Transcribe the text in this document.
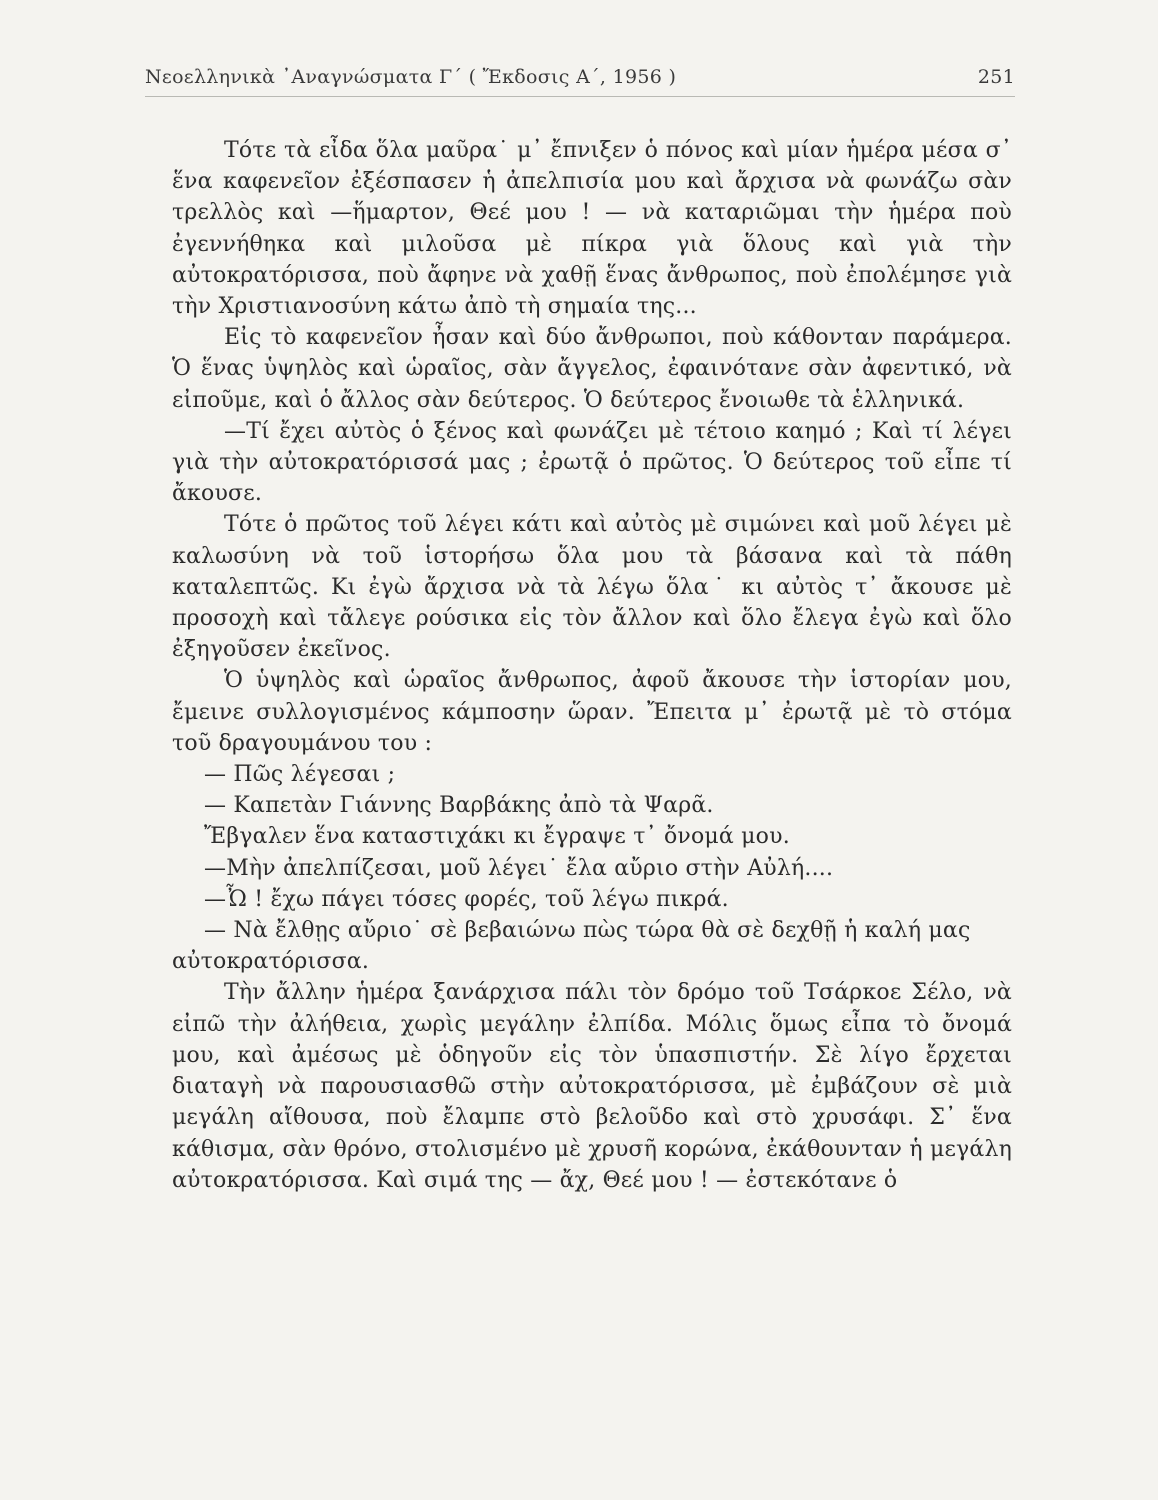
Νεοελληνικὰ ᾿Αναγνώσματα Γ΄ ( Ἔκδοσις Α΄, 1956 )	251

Τότε τὰ εἶδα ὅλα μαῦρα˙ μ᾿ ἔπνιξεν ὁ πόνος καὶ μίαν ἡμέρα μέσα σ᾿ ἕνα καφενεῖον ἐξέσπασεν ἡ ἀπελπισία μου καὶ ἄρχισα νὰ φωνάζω σὰν τρελλὸς καὶ —ἥμαρτον, Θεέ μου ! — νὰ καταριῶμαι τὴν ἡμέρα ποὺ ἐγεννήθηκα καὶ μιλοῦσα μὲ πίκρα γιὰ ὅλους καὶ γιὰ τὴν αὐτοκρατόρισσα, ποὺ ἄφηνε νὰ χαθῇ ἕνας ἄνθρωπος, ποὺ ἐπολέμησε γιὰ τὴν Χριστιανοσύνη κάτω ἀπὸ τὴ σημαία της...

Εἰς τὸ καφενεῖον ἦσαν καὶ δύο ἄνθρωποι, ποὺ κάθονταν παράμερα. Ὁ ἕνας ὑψηλὸς καὶ ὡραῖος, σὰν ἄγγελος, ἐφαινότανε σὰν ἀφεντικό, νὰ εἰποῦμε, καὶ ὁ ἄλλος σὰν δεύτερος. Ὁ δεύτερος ἔνοιωθε τὰ ἑλληνικά.

—Τί ἔχει αὐτὸς ὁ ξένος καὶ φωνάζει μὲ τέτοιο καημό ; Καὶ τί λέγει γιὰ τὴν αὐτοκρατόρισσά μας ; ἐρωτᾷ ὁ πρῶτος. Ὁ δεύτερος τοῦ εἶπε τί ἄκουσε.

Τότε ὁ πρῶτος τοῦ λέγει κάτι καὶ αὐτὸς μὲ σιμώνει καὶ μοῦ λέγει μὲ καλωσύνη νὰ τοῦ ἱστορήσω ὅλα μου τὰ βάσανα καὶ τὰ πάθη καταλεπτῶς. Κι ἐγὼ ἄρχισα νὰ τὰ λέγω ὅλα˙ κι αὐτὸς τ᾿ ἄκουσε μὲ προσοχὴ καὶ τἄλεγε ρούσικα εἰς τὸν ἄλλον καὶ ὅλο ἔλεγα ἐγὼ καὶ ὅλο ἐξηγοῦσεν ἐκεῖνος.

Ὁ ὑψηλὸς καὶ ὡραῖος ἄνθρωπος, ἀφοῦ ἄκουσε τὴν ἱστορίαν μου, ἔμεινε συλλογισμένος κάμποσην ὥραν. Ἔπειτα μ᾿ ἐρωτᾷ μὲ τὸ στόμα τοῦ δραγουμάνου του :

— Πῶς λέγεσαι ;

— Καπετὰν Γιάννης Βαρβάκης ἀπὸ τὰ Ψαρᾶ.

Ἔβγαλεν ἕνα καταστιχάκι κι ἔγραψε τ᾿ ὄνομά μου.

—Μὴν ἀπελπίζεσαι, μοῦ λέγει˙ ἔλα αὔριο στὴν Αὐλή....

—Ὦ ! ἔχω πάγει τόσες φορές, τοῦ λέγω πικρά.

— Νὰ ἔλθῃς αὔριο˙ σὲ βεβαιώνω πὼς τώρα θὰ σὲ δεχθῇ ἡ καλή μας αὐτοκρατόρισσα.

Τὴν ἄλλην ἡμέρα ξανάρχισα πάλι τὸν δρόμο τοῦ Τσάρκοε Σέλο, νὰ εἰπῶ τὴν ἀλήθεια, χωρὶς μεγάλην ἐλπίδα. Μόλις ὅμως εἶπα τὸ ὄνομά μου, καὶ ἀμέσως μὲ ὁδηγοῦν εἰς τὸν ὑπασπιστήν. Σὲ λίγο ἔρχεται διαταγὴ νὰ παρουσιασθῶ στὴν αὐτοκρατόρισσα, μὲ ἐμβάζουν σὲ μιὰ μεγάλη αἴθουσα, ποὺ ἔλαμπε στὸ βελοῦδο καὶ στὸ χρυσάφι. Σ᾿ ἕνα κάθισμα, σὰν θρόνο, στολισμένο μὲ χρυσῆ κορώνα, ἐκάθουνταν ἡ μεγάλη αὐτοκρατόρισσα. Καὶ σιμά της — ἄχ, Θεέ μου ! — ἐστεκότανε ὁ
